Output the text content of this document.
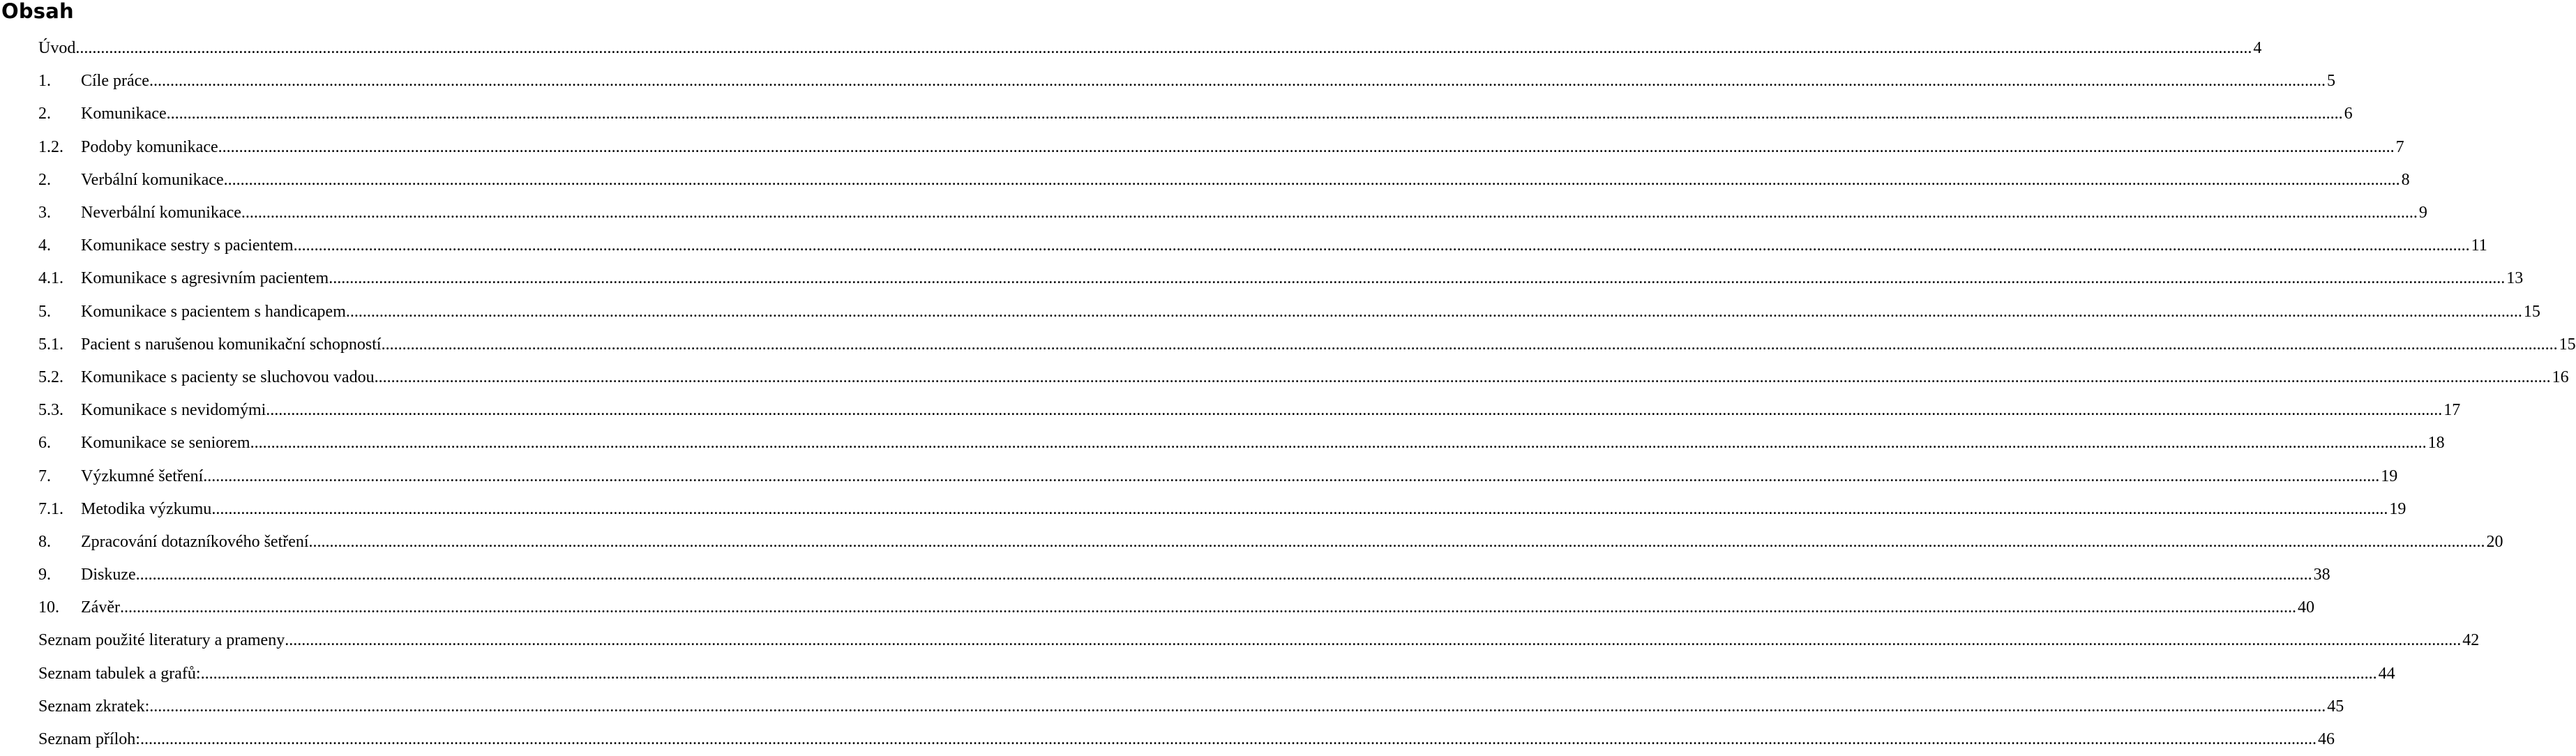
Obsah
Úvod .....	4
1.	Cíle práce .....	5
2.	Komunikace .....	6
1.2.	Podoby komunikace .....	7
2.	Verbální komunikace .....	8
3.	Neverbální komunikace .....	9
4.	Komunikace sestry s pacientem .....	11
4.1.	Komunikace s agresivním pacientem .....	13
5.	Komunikace s pacientem s handicapem .....	15
5.1.	Pacient s narušenou komunikační schopností .....	15
5.2.	Komunikace s pacienty se sluchovou vadou .....	16
5.3.	Komunikace s nevidomými .....	17
6.	Komunikace se seniorem .....	18
7.	Výzkumné šetření .....	19
7.1.	Metodika výzkumu .....	19
8.	Zpracování dotazníkového šetření .....	20
9.	Diskuze .....	38
10.	Závěr .....	40
Seznam použité literatury a prameny .....	42
Seznam tabulek a grafů: .....	44
Seznam zkratek: .....	45
Seznam příloh: .....	46
